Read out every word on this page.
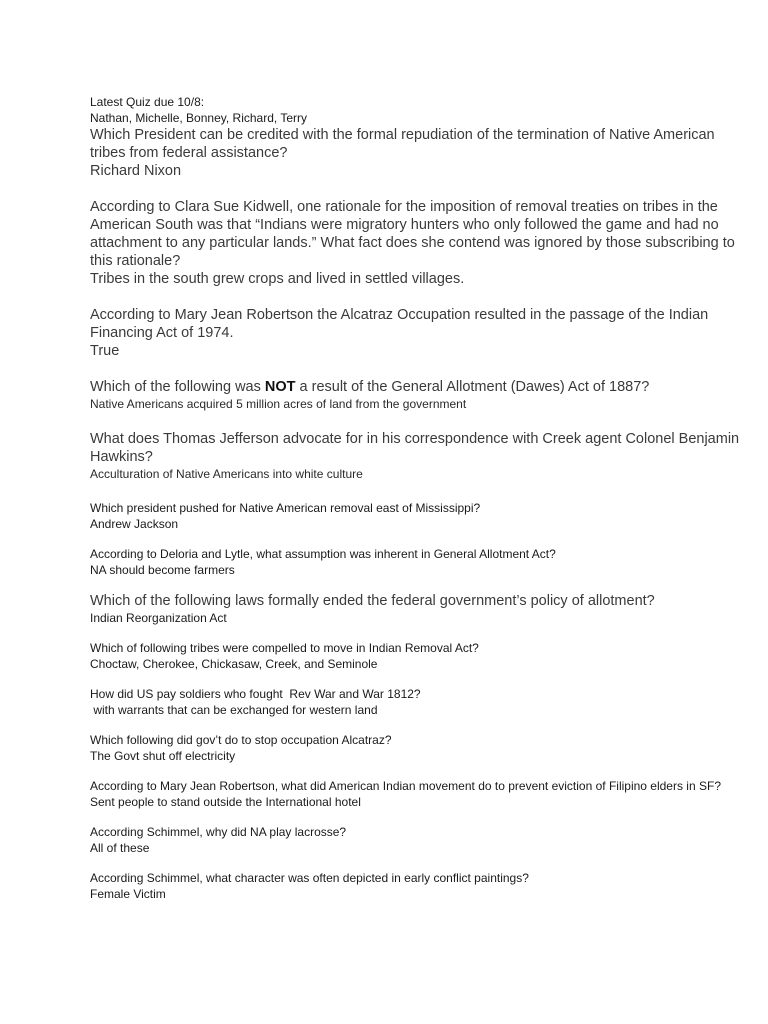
Latest Quiz due 10/8:

Nathan, Michelle, Bonney, Richard, Terry

Which President can be credited with the formal repudiation of the termination of Native American tribes from federal assistance?

Richard Nixon

According to Clara Sue Kidwell, one rationale for the imposition of removal treaties on tribes in the American South was that “Indians were migratory hunters who only followed the game and had no attachment to any particular lands.” What fact does she contend was ignored by those subscribing to this rationale?

Tribes in the south grew crops and lived in settled villages.

According to Mary Jean Robertson the Alcatraz Occupation resulted in the passage of the Indian Financing Act of 1974.

True

Which of the following was NOT a result of the General Allotment (Dawes) Act of 1887?

Native Americans acquired 5 million acres of land from the government

What does Thomas Jefferson advocate for in his correspondence with Creek agent Colonel Benjamin Hawkins?

Acculturation of Native Americans into white culture

Which president pushed for Native American removal east of Mississippi?

Andrew Jackson

According to Deloria and Lytle, what assumption was inherent in General Allotment Act?

NA should become farmers

Which of the following laws formally ended the federal government’s policy of allotment?

Indian Reorganization Act

Which of following tribes were compelled to move in Indian Removal Act?

Choctaw, Cherokee, Chickasaw, Creek, and Seminole

How did US pay soldiers who fought  Rev War and War 1812?

with warrants that can be exchanged for western land

Which following did gov’t do to stop occupation Alcatraz?

The Govt shut off electricity

According to Mary Jean Robertson, what did American Indian movement do to prevent eviction of Filipino elders in SF?

Sent people to stand outside the International hotel

According Schimmel, why did NA play lacrosse?

All of these

According Schimmel, what character was often depicted in early conflict paintings?

Female Victim
